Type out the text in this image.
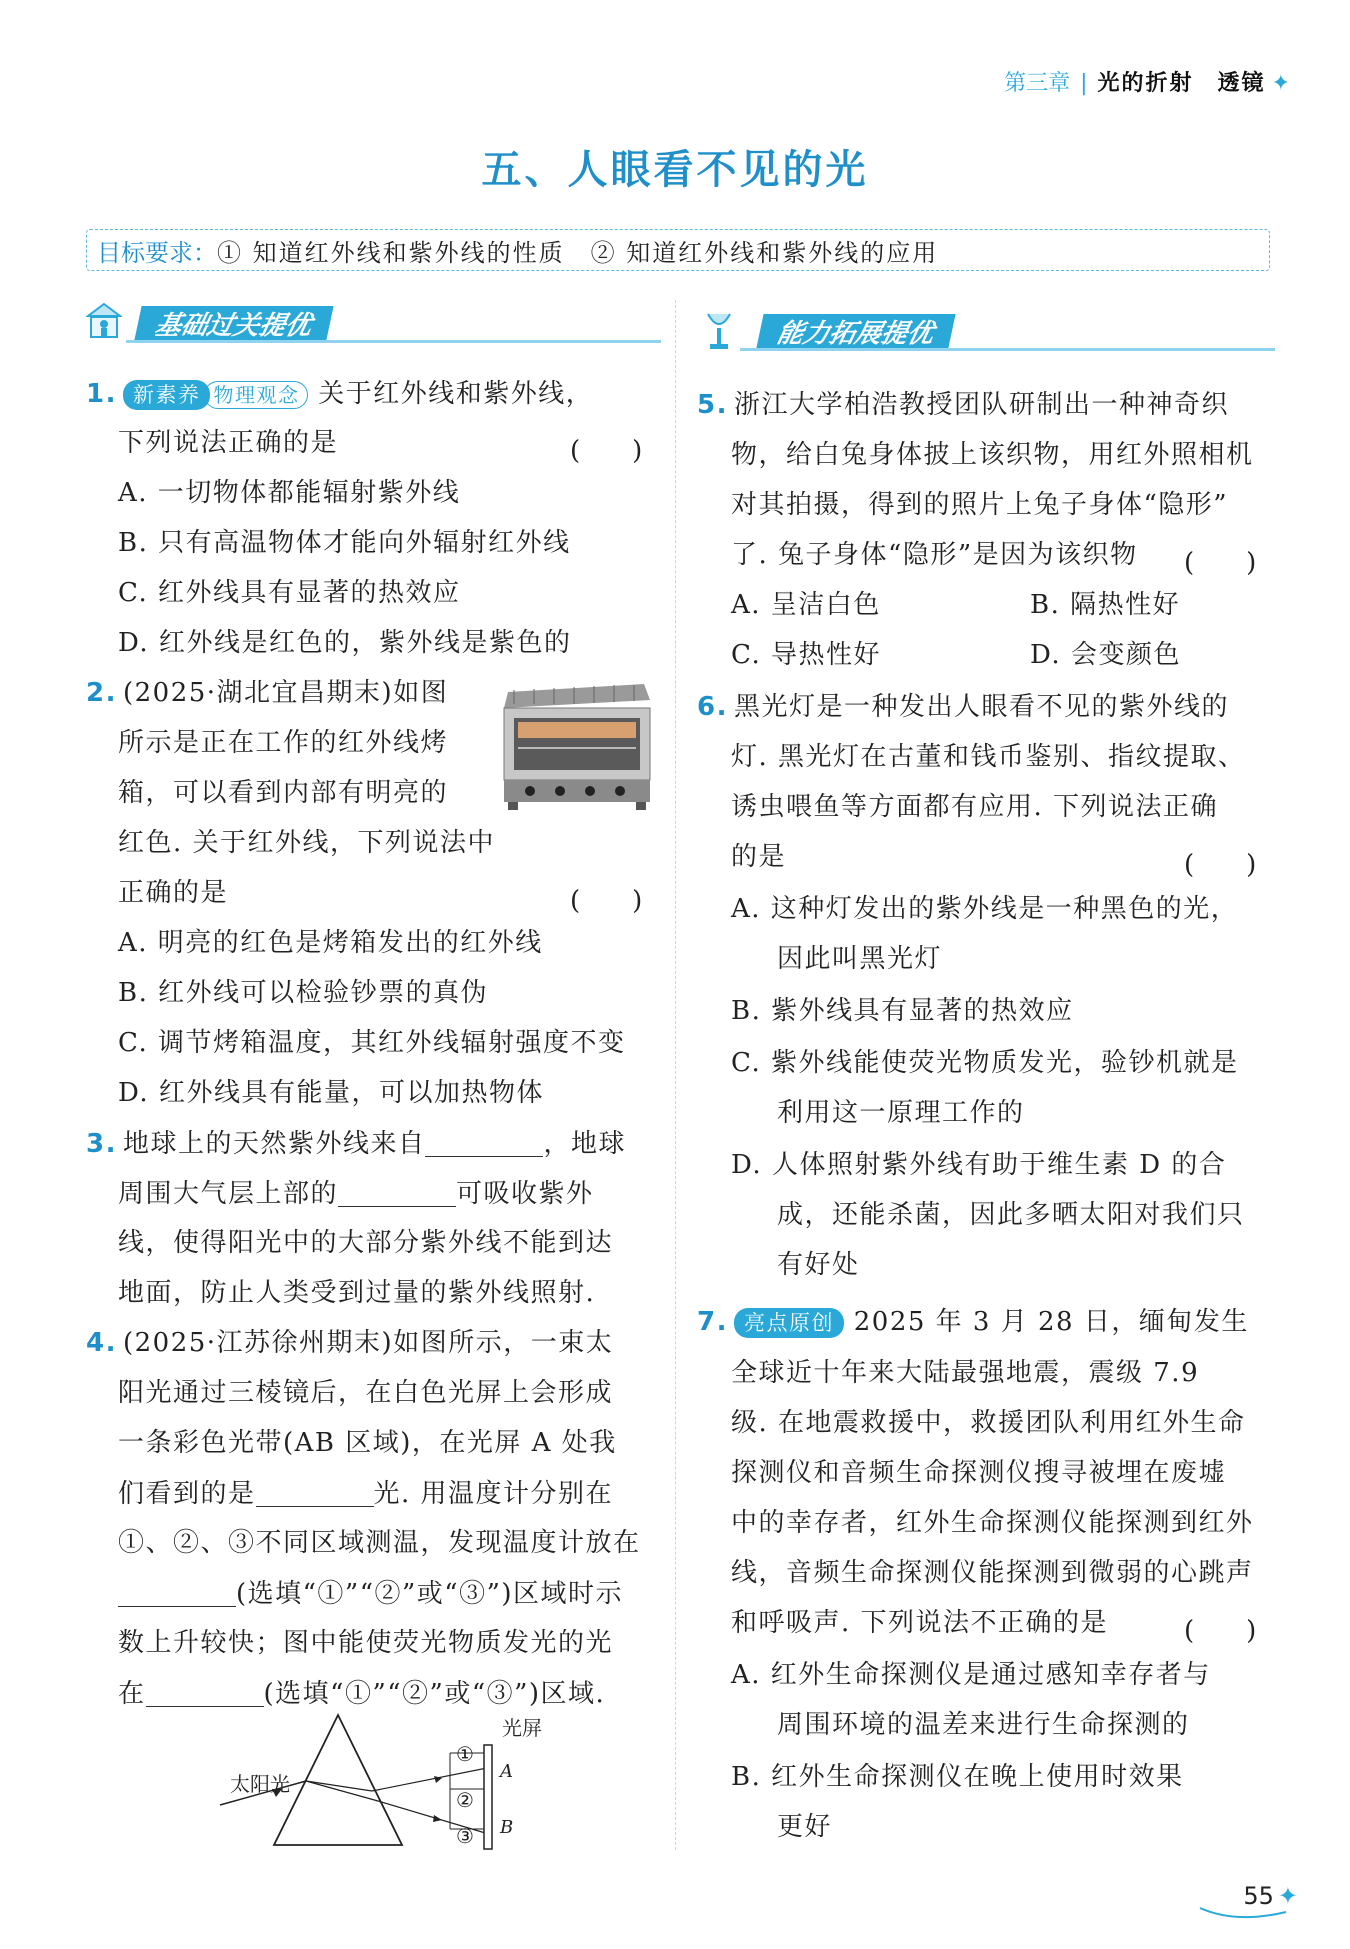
第三章 | 光的折射　透镜 ✦
五、人眼看不见的光
目标要求： ① 知道红外线和紫外线的性质　② 知道红外线和紫外线的应用
基础过关提优	能力拓展提优
1. 新素养 物理观念 关于红外线和紫外线，
下列说法正确的是	(　　)
A. 一切物体都能辐射紫外线
B. 只有高温物体才能向外辐射红外线
C. 红外线具有显著的热效应
D. 红外线是红色的，紫外线是紫色的
2. (2025·湖北宜昌期末)如图
所示是正在工作的红外线烤
箱，可以看到内部有明亮的
红色. 关于红外线，下列说法中
正确的是	(　　)
A. 明亮的红色是烤箱发出的红外线
B. 红外线可以检验钞票的真伪
C. 调节烤箱温度，其红外线辐射强度不变
D. 红外线具有能量，可以加热物体
3. 地球上的天然紫外线来自	，地球
周围大气层上部的	可吸收紫外
线，使得阳光中的大部分紫外线不能到达
地面，防止人类受到过量的紫外线照射.
4. (2025·江苏徐州期末)如图所示，一束太
阳光通过三棱镜后，在白色光屏上会形成
一条彩色光带(AB 区域)，在光屏 A 处我
们看到的是	光. 用温度计分别在
①、②、③不同区域测温，发现温度计放在
(选填“①”“②”或“③”)区域时示
数上升较快；图中能使荧光物质发光的光
在	(选填“①”“②”或“③”)区域.
太阳光
光屏
A
B
①
②
③
5. 浙江大学柏浩教授团队研制出一种神奇织
物，给白兔身体披上该织物，用红外照相机
对其拍摄，得到的照片上兔子身体“隐形”
了. 兔子身体“隐形”是因为该织物 (　　)
A. 呈洁白色	B. 隔热性好
C. 导热性好	D. 会变颜色
6. 黑光灯是一种发出人眼看不见的紫外线的
灯. 黑光灯在古董和钱币鉴别、指纹提取、
诱虫喂鱼等方面都有应用. 下列说法正确
的是	(　　)
A. 这种灯发出的紫外线是一种黑色的光，
因此叫黑光灯
B. 紫外线具有显著的热效应
C. 紫外线能使荧光物质发光，验钞机就是
利用这一原理工作的
D. 人体照射紫外线有助于维生素 D 的合
成，还能杀菌，因此多晒太阳对我们只
有好处
7. 亮点原创 2025 年 3 月 28 日，缅甸发生
全球近十年来大陆最强地震，震级 7.9
级. 在地震救援中，救援团队利用红外生命
探测仪和音频生命探测仪搜寻被埋在废墟
中的幸存者，红外生命探测仪能探测到红外
线，音频生命探测仪能探测到微弱的心跳声
和呼吸声. 下列说法不正确的是	(　　)
A. 红外生命探测仪是通过感知幸存者与
周围环境的温差来进行生命探测的
B. 红外生命探测仪在晚上使用时效果
更好
55 ✦
